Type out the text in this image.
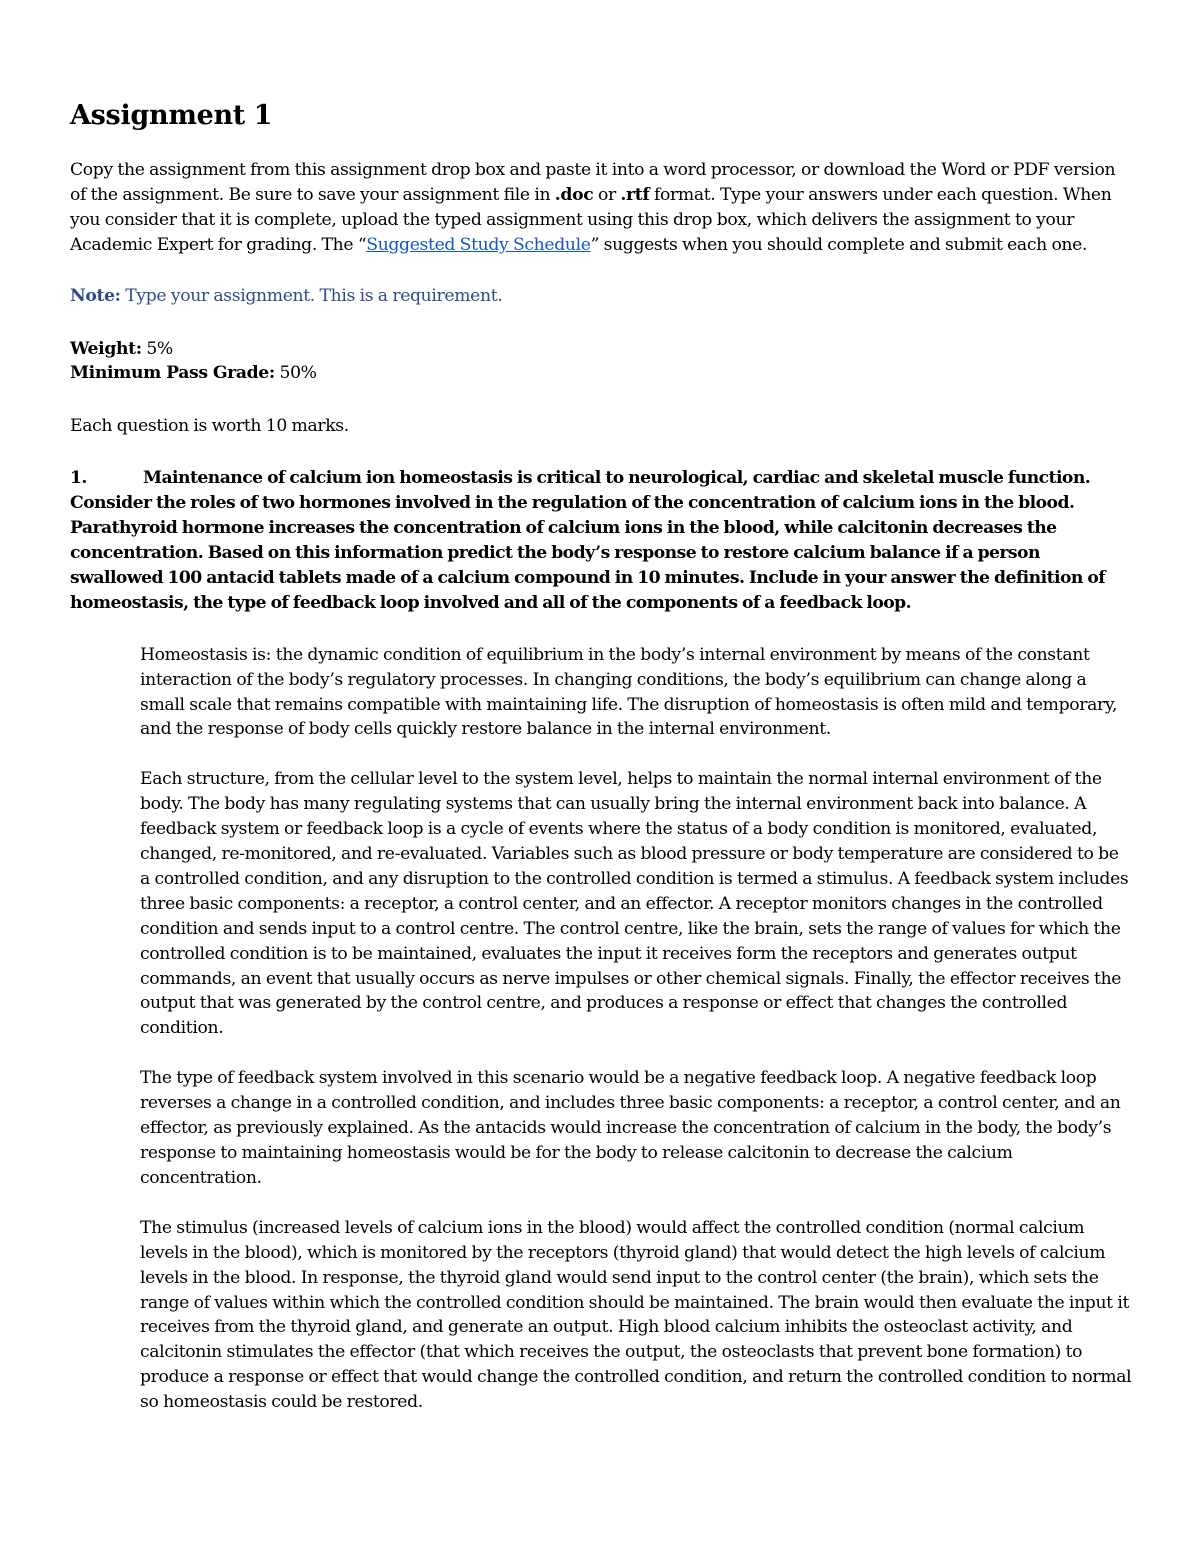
Assignment 1

Copy the assignment from this assignment drop box and paste it into a word processor, or download the Word or PDF version of the assignment. Be sure to save your assignment file in .doc or .rtf format. Type your answers under each question. When you consider that it is complete, upload the typed assignment using this drop box, which delivers the assignment to your Academic Expert for grading. The “Suggested Study Schedule” suggests when you should complete and submit each one.

Note: Type your assignment. This is a requirement.

Weight: 5%

Minimum Pass Grade: 50%

Each question is worth 10 marks.

1.	Maintenance of calcium ion homeostasis is critical to neurological, cardiac and skeletal muscle function. Consider the roles of two hormones involved in the regulation of the concentration of calcium ions in the blood. Parathyroid hormone increases the concentration of calcium ions in the blood, while calcitonin decreases the concentration. Based on this information predict the body’s response to restore calcium balance if a person swallowed 100 antacid tablets made of a calcium compound in 10 minutes. Include in your answer the definition of homeostasis, the type of feedback loop involved and all of the components of a feedback loop.

Homeostasis is: the dynamic condition of equilibrium in the body’s internal environment by means of the constant interaction of the body’s regulatory processes. In changing conditions, the body’s equilibrium can change along a small scale that remains compatible with maintaining life. The disruption of homeostasis is often mild and temporary, and the response of body cells quickly restore balance in the internal environment.

Each structure, from the cellular level to the system level, helps to maintain the normal internal environment of the body. The body has many regulating systems that can usually bring the internal environment back into balance. A feedback system or feedback loop is a cycle of events where the status of a body condition is monitored, evaluated, changed, re-monitored, and re-evaluated. Variables such as blood pressure or body temperature are considered to be a controlled condition, and any disruption to the controlled condition is termed a stimulus. A feedback system includes three basic components: a receptor, a control center, and an effector. A receptor monitors changes in the controlled condition and sends input to a control centre. The control centre, like the brain, sets the range of values for which the controlled condition is to be maintained, evaluates the input it receives form the receptors and generates output commands, an event that usually occurs as nerve impulses or other chemical signals. Finally, the effector receives the output that was generated by the control centre, and produces a response or effect that changes the controlled condition.

The type of feedback system involved in this scenario would be a negative feedback loop. A negative feedback loop reverses a change in a controlled condition, and includes three basic components: a receptor, a control center, and an effector, as previously explained. As the antacids would increase the concentration of calcium in the body, the body’s response to maintaining homeostasis would be for the body to release calcitonin to decrease the calcium concentration.

The stimulus (increased levels of calcium ions in the blood) would affect the controlled condition (normal calcium levels in the blood), which is monitored by the receptors (thyroid gland) that would detect the high levels of calcium levels in the blood. In response, the thyroid gland would send input to the control center (the brain), which sets the range of values within which the controlled condition should be maintained. The brain would then evaluate the input it receives from the thyroid gland, and generate an output. High blood calcium inhibits the osteoclast activity, and calcitonin stimulates the effector (that which receives the output, the osteoclasts that prevent bone formation) to produce a response or effect that would change the controlled condition, and return the controlled condition to normal so homeostasis could be restored.
